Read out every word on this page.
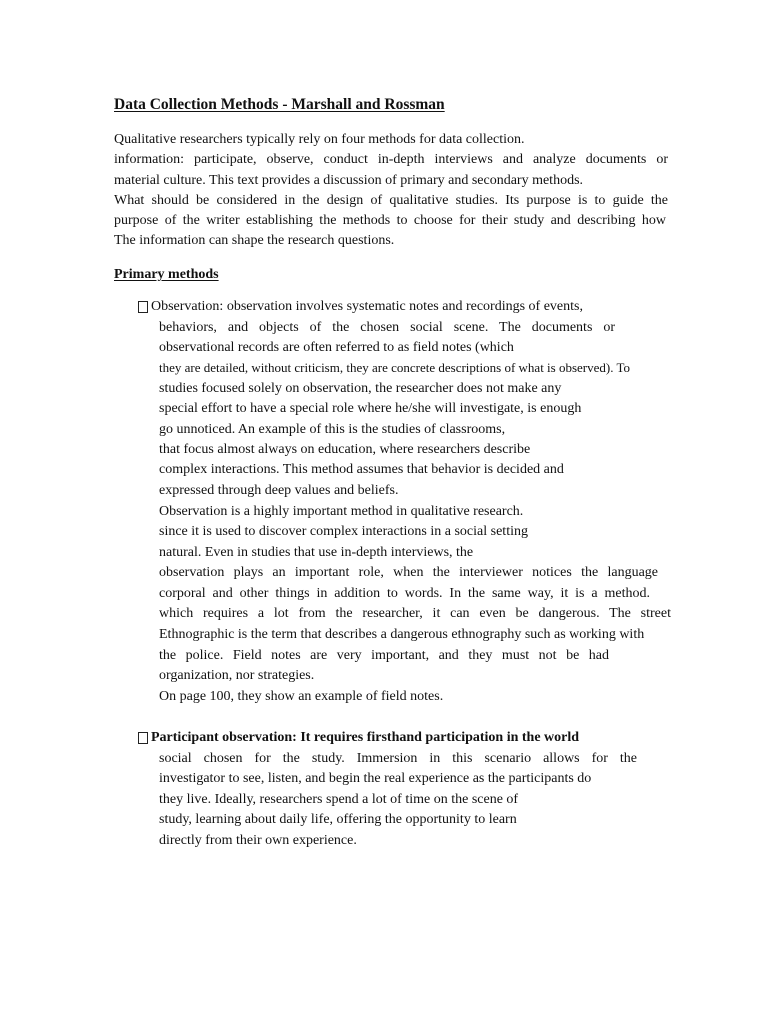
Data Collection Methods - Marshall and Rossman
Qualitative researchers typically rely on four methods for data collection.
information: participate, observe, conduct in-depth interviews and analyze documents or
material culture. This text provides a discussion of primary and secondary methods.
What should be considered in the design of qualitative studies. Its purpose is to guide the
purpose of the writer establishing the methods to choose for their study and describing how
The information can shape the research questions.
Primary methods
Observation: observation involves systematic notes and recordings of events,
behaviors, and objects of the chosen social scene. The documents or
observational records are often referred to as field notes (which
they are detailed, without criticism, they are concrete descriptions of what is observed). To
studies focused solely on observation, the researcher does not make any
special effort to have a special role where he/she will investigate, is enough
go unnoticed. An example of this is the studies of classrooms,
that focus almost always on education, where researchers describe
complex interactions. This method assumes that behavior is decided and
expressed through deep values and beliefs.
Observation is a highly important method in qualitative research.
since it is used to discover complex interactions in a social setting
natural. Even in studies that use in-depth interviews, the
observation plays an important role, when the interviewer notices the language
corporal and other things in addition to words. In the same way, it is a method.
which requires a lot from the researcher, it can even be dangerous. The street
Ethnographic is the term that describes a dangerous ethnography such as working with
the police. Field notes are very important, and they must not be had
organization, nor strategies.
On page 100, they show an example of field notes.
Participant observation: It requires firsthand participation in the world
social chosen for the study. Immersion in this scenario allows for the
investigator to see, listen, and begin the real experience as the participants do
they live. Ideally, researchers spend a lot of time on the scene of
study, learning about daily life, offering the opportunity to learn
directly from their own experience.
